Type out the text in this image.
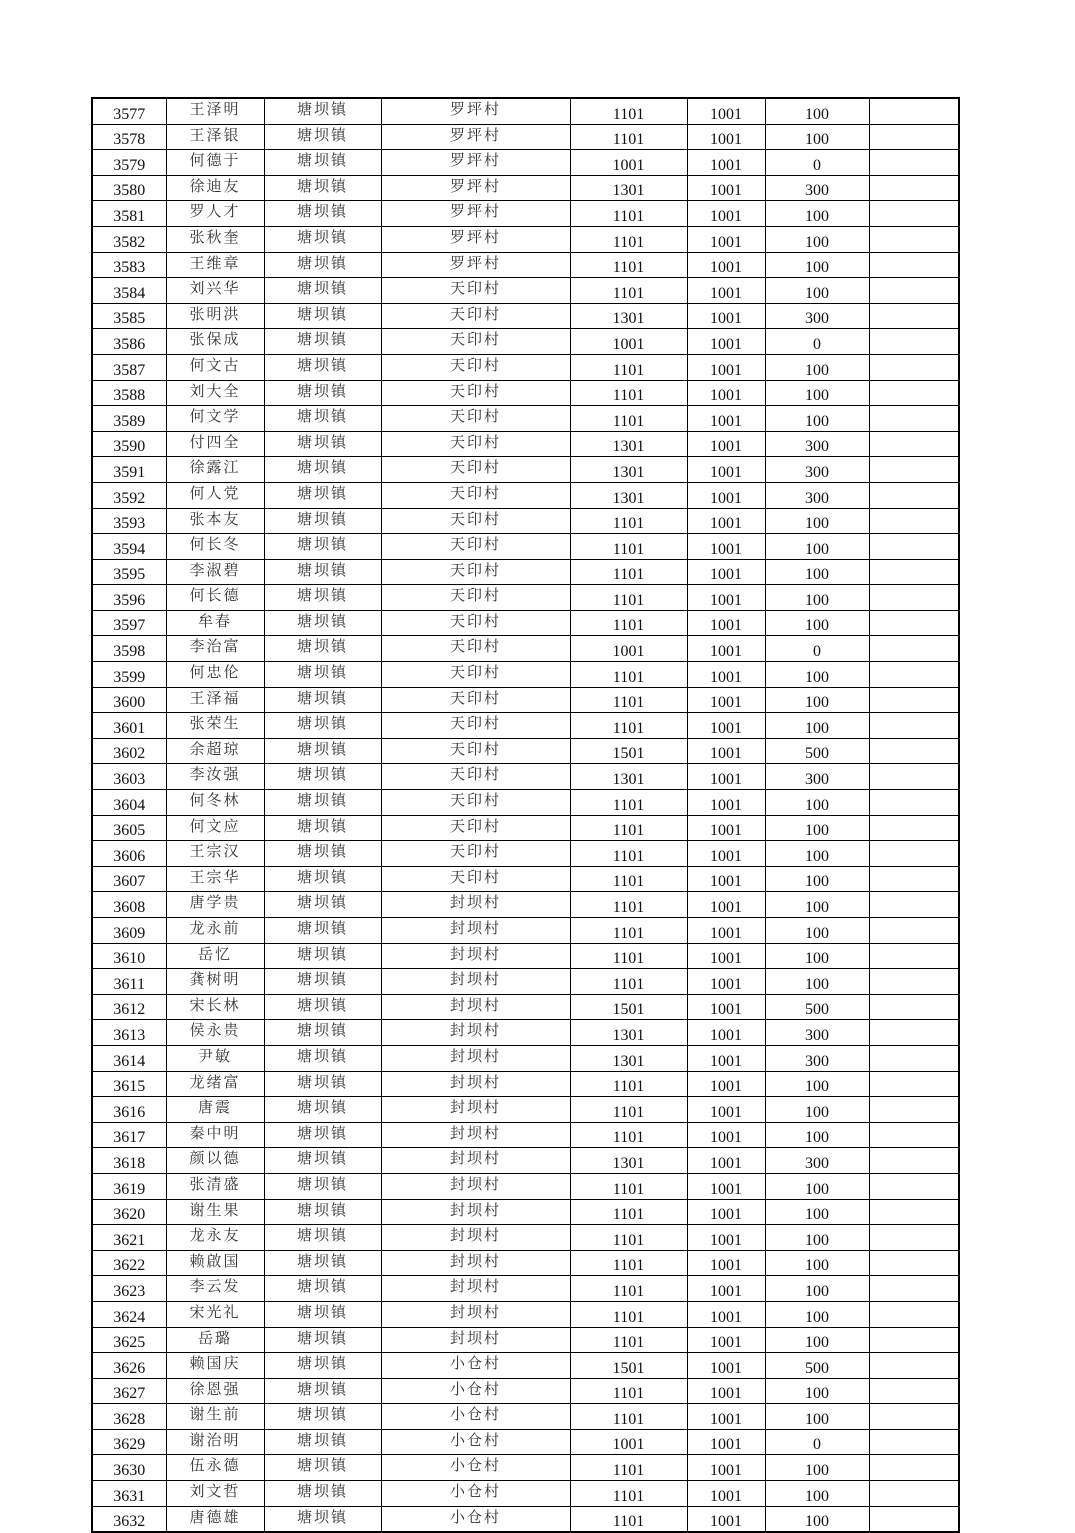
3577	王泽明	塘坝镇	罗坪村	1101	1001	100	
3578	王泽银	塘坝镇	罗坪村	1101	1001	100	
3579	何德于	塘坝镇	罗坪村	1001	1001	0	
3580	徐迪友	塘坝镇	罗坪村	1301	1001	300	
3581	罗人才	塘坝镇	罗坪村	1101	1001	100	
3582	张秋奎	塘坝镇	罗坪村	1101	1001	100	
3583	王维章	塘坝镇	罗坪村	1101	1001	100	
3584	刘兴华	塘坝镇	天印村	1101	1001	100	
3585	张明洪	塘坝镇	天印村	1301	1001	300	
3586	张保成	塘坝镇	天印村	1001	1001	0	
3587	何文古	塘坝镇	天印村	1101	1001	100	
3588	刘大全	塘坝镇	天印村	1101	1001	100	
3589	何文学	塘坝镇	天印村	1101	1001	100	
3590	付四全	塘坝镇	天印村	1301	1001	300	
3591	徐露江	塘坝镇	天印村	1301	1001	300	
3592	何人党	塘坝镇	天印村	1301	1001	300	
3593	张本友	塘坝镇	天印村	1101	1001	100	
3594	何长冬	塘坝镇	天印村	1101	1001	100	
3595	李淑碧	塘坝镇	天印村	1101	1001	100	
3596	何长德	塘坝镇	天印村	1101	1001	100	
3597	牟春	塘坝镇	天印村	1101	1001	100	
3598	李治富	塘坝镇	天印村	1001	1001	0	
3599	何忠伦	塘坝镇	天印村	1101	1001	100	
3600	王泽福	塘坝镇	天印村	1101	1001	100	
3601	张荣生	塘坝镇	天印村	1101	1001	100	
3602	余超琼	塘坝镇	天印村	1501	1001	500	
3603	李汝强	塘坝镇	天印村	1301	1001	300	
3604	何冬林	塘坝镇	天印村	1101	1001	100	
3605	何文应	塘坝镇	天印村	1101	1001	100	
3606	王宗汉	塘坝镇	天印村	1101	1001	100	
3607	王宗华	塘坝镇	天印村	1101	1001	100	
3608	唐学贵	塘坝镇	封坝村	1101	1001	100	
3609	龙永前	塘坝镇	封坝村	1101	1001	100	
3610	岳忆	塘坝镇	封坝村	1101	1001	100	
3611	龚树明	塘坝镇	封坝村	1101	1001	100	
3612	宋长林	塘坝镇	封坝村	1501	1001	500	
3613	侯永贵	塘坝镇	封坝村	1301	1001	300	
3614	尹敏	塘坝镇	封坝村	1301	1001	300	
3615	龙绪富	塘坝镇	封坝村	1101	1001	100	
3616	唐震	塘坝镇	封坝村	1101	1001	100	
3617	秦中明	塘坝镇	封坝村	1101	1001	100	
3618	颜以德	塘坝镇	封坝村	1301	1001	300	
3619	张清盛	塘坝镇	封坝村	1101	1001	100	
3620	谢生果	塘坝镇	封坝村	1101	1001	100	
3621	龙永友	塘坝镇	封坝村	1101	1001	100	
3622	赖啟国	塘坝镇	封坝村	1101	1001	100	
3623	李云发	塘坝镇	封坝村	1101	1001	100	
3624	宋光礼	塘坝镇	封坝村	1101	1001	100	
3625	岳璐	塘坝镇	封坝村	1101	1001	100	
3626	赖国庆	塘坝镇	小仓村	1501	1001	500	
3627	徐恩强	塘坝镇	小仓村	1101	1001	100	
3628	谢生前	塘坝镇	小仓村	1101	1001	100	
3629	谢治明	塘坝镇	小仓村	1001	1001	0	
3630	伍永德	塘坝镇	小仓村	1101	1001	100	
3631	刘文哲	塘坝镇	小仓村	1101	1001	100	
3632	唐德雄	塘坝镇	小仓村	1101	1001	100	
